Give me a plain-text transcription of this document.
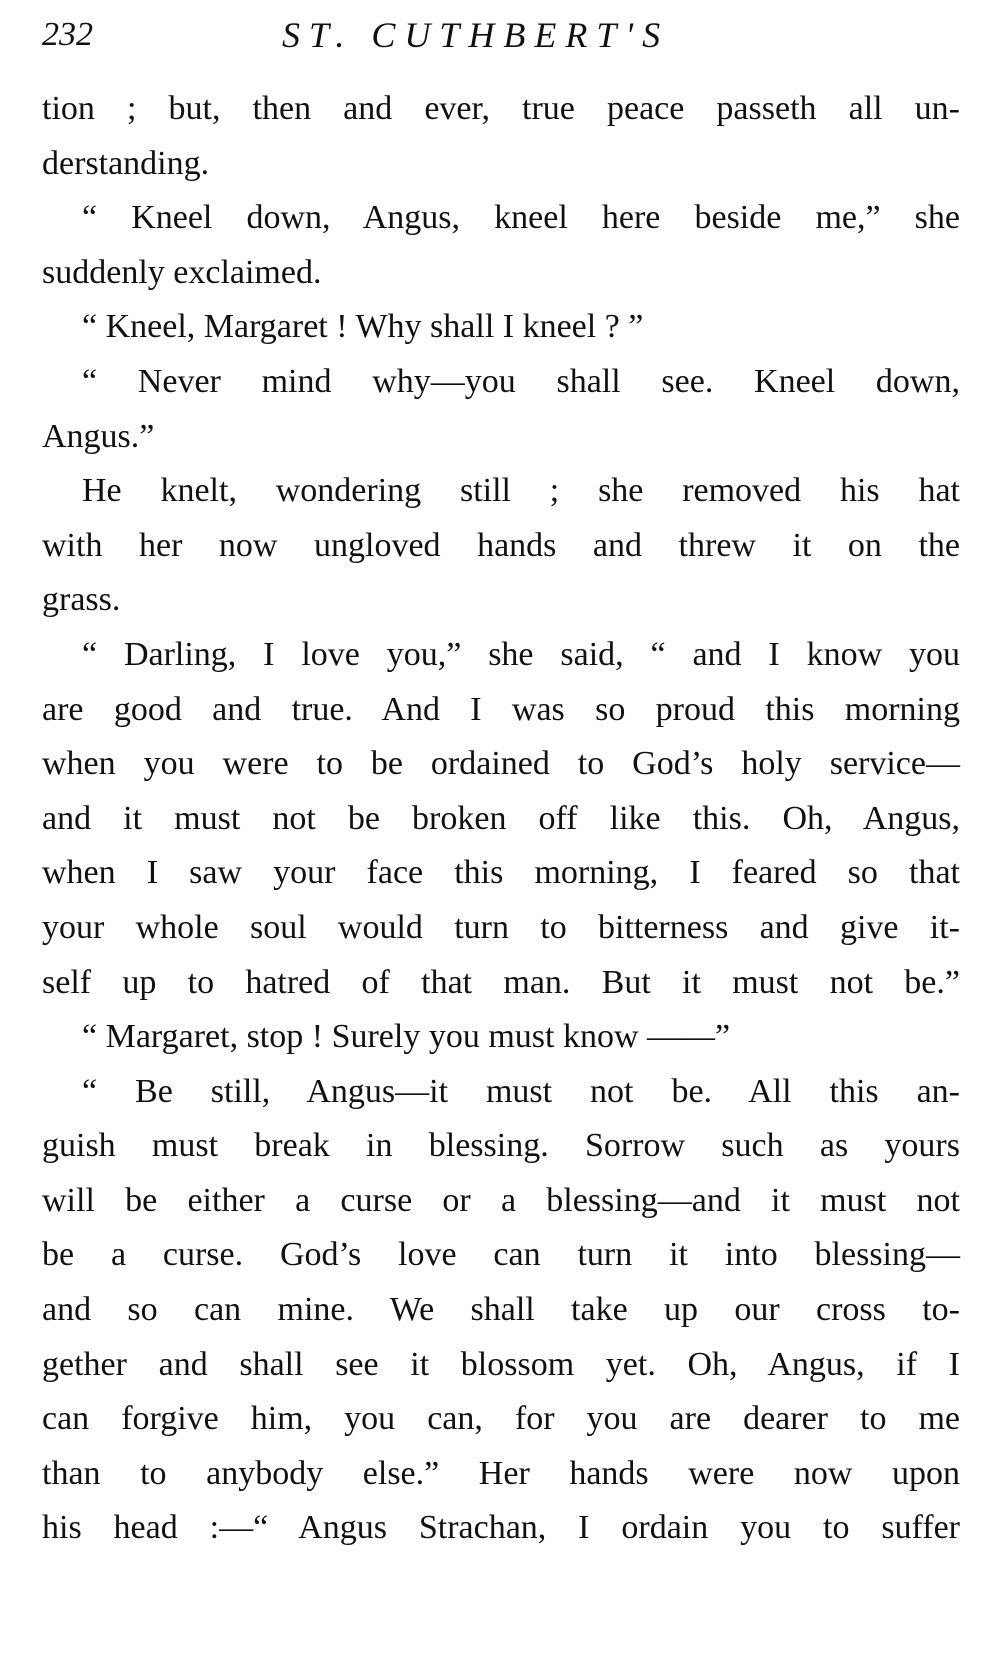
232	ST. CUTHBERT'S
tion ; but, then and ever, true peace passeth all un-
derstanding.
“ Kneel down, Angus, kneel here beside me,” she
suddenly exclaimed.
“ Kneel, Margaret ! Why shall I kneel ? ”
“ Never mind why—you shall see. Kneel down,
Angus.”
He knelt, wondering still ; she removed his hat
with her now ungloved hands and threw it on the
grass.
“ Darling, I love you,” she said, “ and I know you
are good and true. And I was so proud this morning
when you were to be ordained to God’s holy service—
and it must not be broken off like this. Oh, Angus,
when I saw your face this morning, I feared so that
your whole soul would turn to bitterness and give it-
self up to hatred of that man. But it must not be.”
“ Margaret, stop ! Surely you must know ——”
“ Be still, Angus—it must not be. All this an-
guish must break in blessing. Sorrow such as yours
will be either a curse or a blessing—and it must not
be a curse. God’s love can turn it into blessing—
and so can mine. We shall take up our cross to-
gether and shall see it blossom yet. Oh, Angus, if I
can forgive him, you can, for you are dearer to me
than to anybody else.” Her hands were now upon
his head :—“ Angus Strachan, I ordain you to suffer
